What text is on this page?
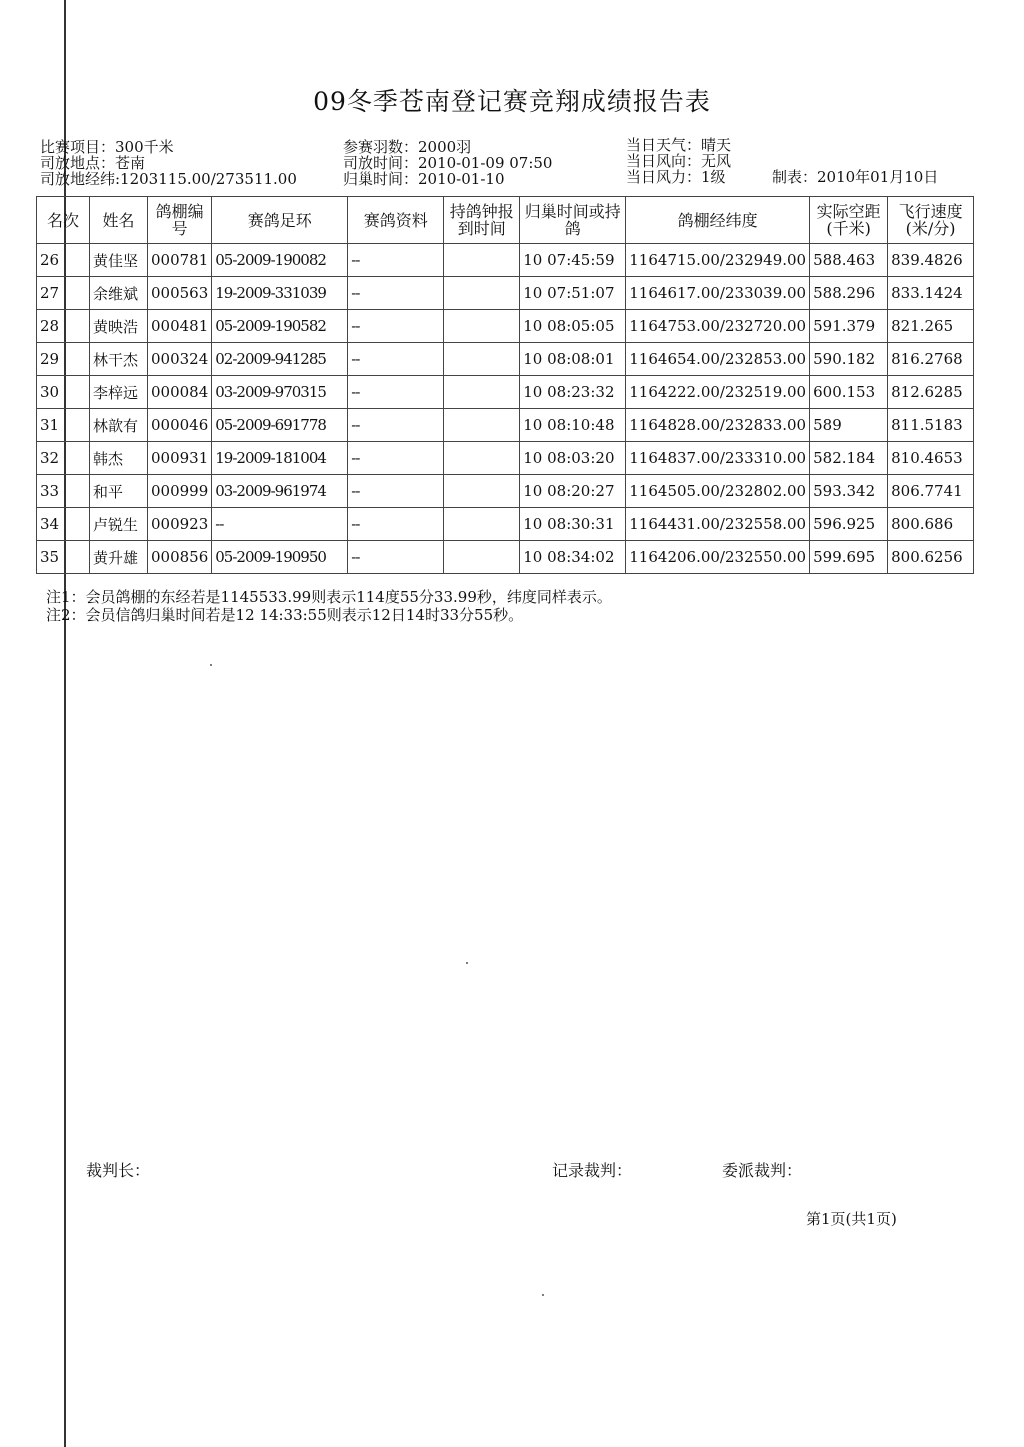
09冬季苍南登记赛竞翔成绩报告表
比赛项目：300千米
司放地点：苍南
司放地经纬:1203115.00/273511.00
参赛羽数：2000羽
司放时间：2010-01-09 07:50
归巢时间：2010-01-10
当日天气：晴天
当日风向：无风
当日风力：1级	制表：2010年01月10日
名次	姓名	鸽棚编号	赛鸽足环	赛鸽资料	持鸽钟报到时间	归巢时间或持鸽	鸽棚经纬度	实际空距(千米)	飞行速度(米/分)
26	黄佳坚	000781	05-2009-190082	--		10 07:45:59	1164715.00/232949.00	588.463	839.4826
27	余维斌	000563	19-2009-331039	--		10 07:51:07	1164617.00/233039.00	588.296	833.1424
28	黄映浩	000481	05-2009-190582	--		10 08:05:05	1164753.00/232720.00	591.379	821.265
29	林干杰	000324	02-2009-941285	--		10 08:08:01	1164654.00/232853.00	590.182	816.2768
30	李梓远	000084	03-2009-970315	--		10 08:23:32	1164222.00/232519.00	600.153	812.6285
31	林歆有	000046	05-2009-691778	--		10 08:10:48	1164828.00/232833.00	589	811.5183
32	韩杰	000931	19-2009-181004	--		10 08:03:20	1164837.00/233310.00	582.184	810.4653
33	和平	000999	03-2009-961974	--		10 08:20:27	1164505.00/232802.00	593.342	806.7741
34	卢锐生	000923	--	--		10 08:30:31	1164431.00/232558.00	596.925	800.686
35	黄升雄	000856	05-2009-190950	--		10 08:34:02	1164206.00/232550.00	599.695	800.6256
注1：会员鸽棚的东经若是1145533.99则表示114度55分33.99秒，纬度同样表示。
注2：会员信鸽归巢时间若是12 14:33:55则表示12日14时33分55秒。
裁判长：	记录裁判：	委派裁判：
第1页(共1页)
